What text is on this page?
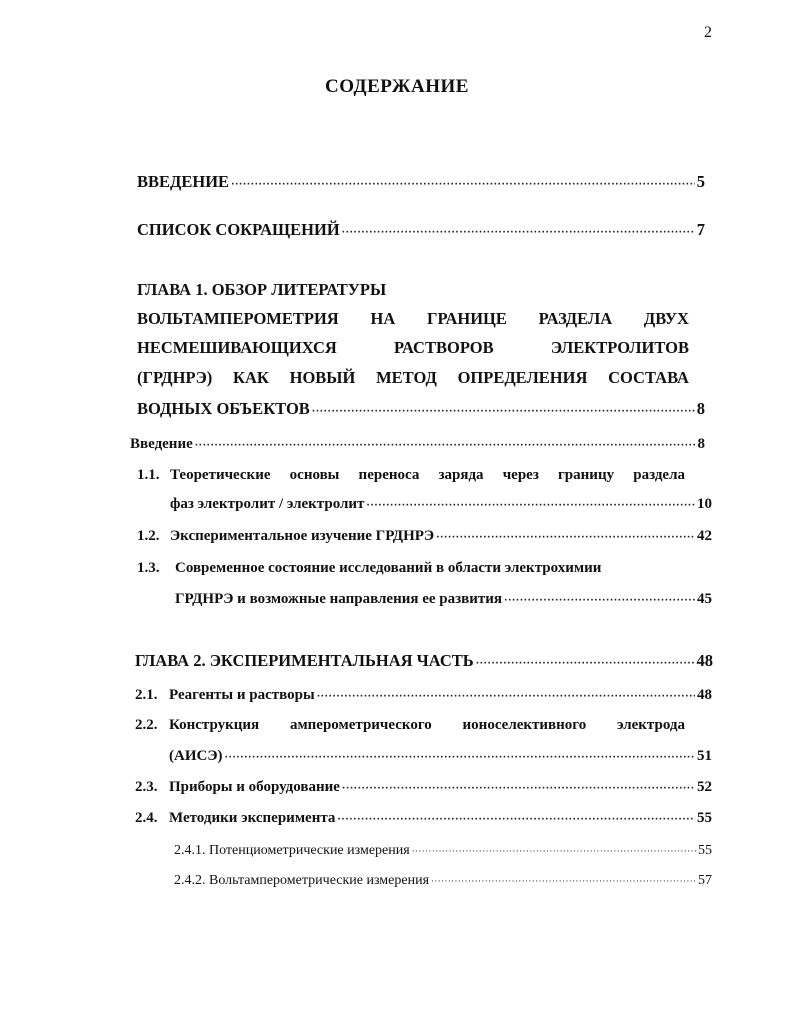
2
СОДЕРЖАНИЕ
ВВЕДЕНИЕ ·····	5
СПИСОК СОКРАЩЕНИЙ ·····	7
ГЛАВА 1. ОБЗОР ЛИТЕРАТУРЫ
ВОЛЬТАМПЕРОМЕТРИЯ НА ГРАНИЦЕ РАЗДЕЛА ДВУХ
НЕСМЕШИВАЮЩИХСЯ	РАСТВОРОВ	ЭЛЕКТРОЛИТОВ
(ГРДНРЭ) КАК НОВЫЙ МЕТОД ОПРЕДЕЛЕНИЯ СОСТАВА
ВОДНЫХ ОБЪЕКТОВ ·····	8
Введение ·····	8
1.1. Теоретические основы переноса заряда через границу раздела
фаз электролит / электролит ·····	10
1.2. Экспериментальное изучение ГРДНРЭ ·····	42
1.3. Современное состояние исследований в области электрохимии
ГРДНРЭ и возможные направления ее развития ·····	45
ГЛАВА 2. ЭКСПЕРИМЕНТАЛЬНАЯ ЧАСТЬ ·····	48
2.1. Реагенты и растворы ·····	48
2.2. Конструкция амперометрического ионоселективного электрода
(АИСЭ) ·····	51
2.3. Приборы и оборудование ·····	52
2.4. Методики эксперимента ·····	55
2.4.1. Потенциометрические измерения ·····	55
2.4.2. Вольтамперометрические измерения ·····	57
